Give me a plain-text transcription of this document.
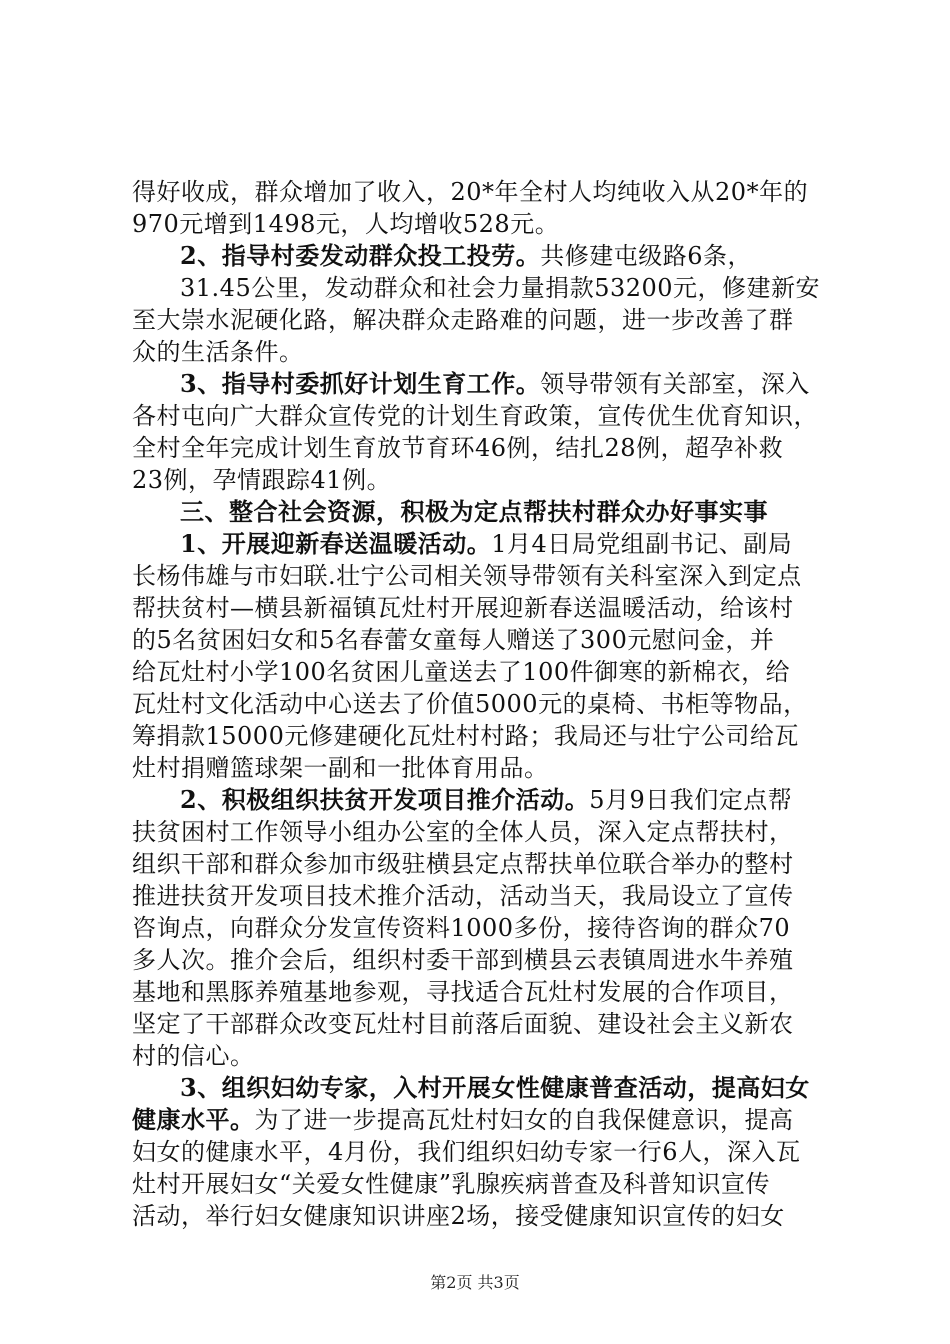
得好收成，群众增加了收入，20*年全村人均纯收入从20*年的
970元增到1498元，人均增收528元。
2、指导村委发动群众投工投劳。共修建屯级路6条，
31.45公里，发动群众和社会力量捐款53200元，修建新安
至大崇水泥硬化路，解决群众走路难的问题，进一步改善了群
众的生活条件。
3、指导村委抓好计划生育工作。领导带领有关部室，深入
各村屯向广大群众宣传党的计划生育政策，宣传优生优育知识，
全村全年完成计划生育放节育环46例，结扎28例，超孕补救
23例，孕情跟踪41例。
三、整合社会资源，积极为定点帮扶村群众办好事实事
1、开展迎新春送温暖活动。1月4日局党组副书记、副局
长杨伟雄与市妇联.壮宁公司相关领导带领有关科室深入到定点
帮扶贫村—横县新福镇瓦灶村开展迎新春送温暖活动，给该村
的5名贫困妇女和5名春蕾女童每人赠送了300元慰问金，并
给瓦灶村小学100名贫困儿童送去了100件御寒的新棉衣，给
瓦灶村文化活动中心送去了价值5000元的桌椅、书柜等物品，
筹捐款15000元修建硬化瓦灶村村路；我局还与壮宁公司给瓦
灶村捐赠篮球架一副和一批体育用品。
2、积极组织扶贫开发项目推介活动。5月9日我们定点帮
扶贫困村工作领导小组办公室的全体人员，深入定点帮扶村，
组织干部和群众参加市级驻横县定点帮扶单位联合举办的整村
推进扶贫开发项目技术推介活动，活动当天，我局设立了宣传
咨询点，向群众分发宣传资料1000多份，接待咨询的群众70
多人次。推介会后，组织村委干部到横县云表镇周进水牛养殖
基地和黑豚养殖基地参观，寻找适合瓦灶村发展的合作项目，
坚定了干部群众改变瓦灶村目前落后面貌、建设社会主义新农
村的信心。
3、组织妇幼专家，入村开展女性健康普查活动，提高妇女
健康水平。为了进一步提高瓦灶村妇女的自我保健意识，提高
妇女的健康水平，4月份，我们组织妇幼专家一行6人，深入瓦
灶村开展妇女“关爱女性健康”乳腺疾病普查及科普知识宣传
活动，举行妇女健康知识讲座2场，接受健康知识宣传的妇女
第2页 共3页
